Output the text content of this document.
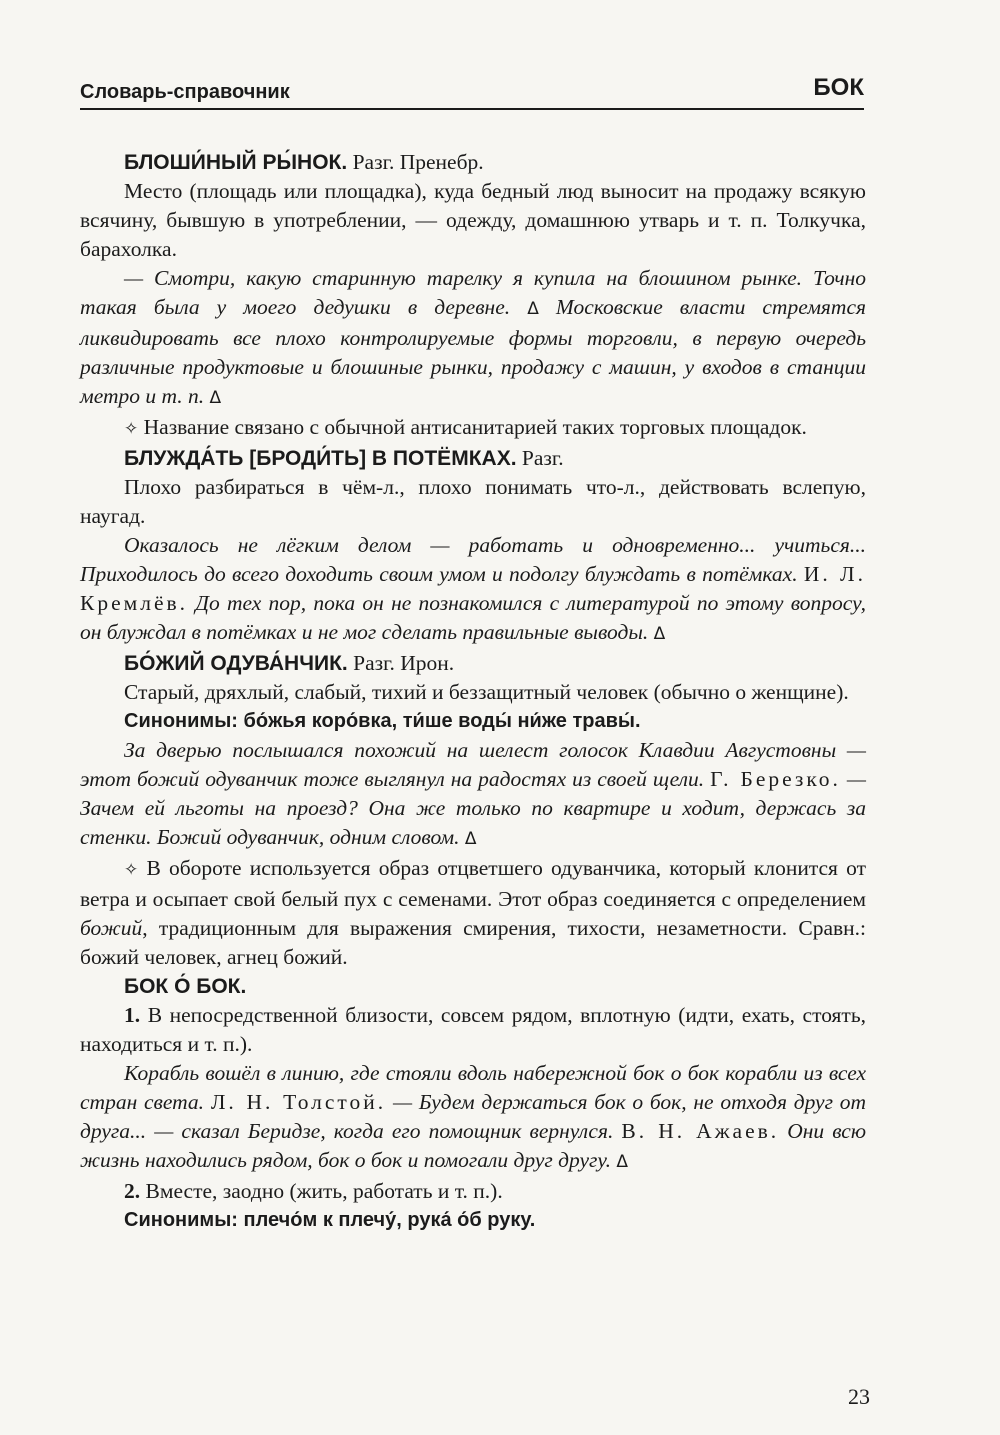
Словарь-справочник	БОК

БЛОШИ́НЫЙ РЫ́НОК. Разг. Пренебр.

Место (площадь или площадка), куда бедный люд выносит на продажу всякую всячину, бывшую в употреблении, — одежду, домашнюю утварь и т. п. Толкучка, барахолка.

— Смотри, какую старинную тарелку я купила на блошином рынке. Точно такая была у моего дедушки в деревне. Δ Московские власти стремятся ликвидировать все плохо контролируемые формы торговли, в первую очередь различные продуктовые и блошиные рынки, продажу с машин, у входов в станции метро и т. п. Δ

✧ Название связано с обычной антисанитарией таких торговых площадок.

БЛУЖДА́ТЬ [БРОДИ́ТЬ] В ПОТЁМКАХ. Разг.

Плохо разбираться в чём-л., плохо понимать что-л., действовать вслепую, наугад.

Оказалось не лёгким делом — работать и одновременно... учиться... Приходилось до всего доходить своим умом и подолгу блуждать в потёмках. И. Л. Кремлёв. До тех пор, пока он не познакомился с литературой по этому вопросу, он блуждал в потёмках и не мог сделать правильные выводы. Δ

БО́ЖИЙ ОДУВА́НЧИК. Разг. Ирон.

Старый, дряхлый, слабый, тихий и беззащитный человек (обычно о женщине).

Синонимы: бо́жья коро́вка, ти́ше воды́ ни́же травы́.

За дверью послышался похожий на шелест голосок Клавдии Августовны — этот божий одуванчик тоже выглянул на радостях из своей щели. Г. Березко. — Зачем ей льготы на проезд? Она же только по квартире и ходит, держась за стенки. Божий одуванчик, одним словом. Δ

✧ В обороте используется образ отцветшего одуванчика, который клонится от ветра и осыпает свой белый пух с семенами. Этот образ соединяется с определением божий, традиционным для выражения смирения, тихости, незаметности. Сравн.: божий человек, агнец божий.

БОК О́ БОК.

1. В непосредственной близости, совсем рядом, вплотную (идти, ехать, стоять, находиться и т. п.).

Корабль вошёл в линию, где стояли вдоль набережной бок о бок корабли из всех стран света. Л. Н. Толстой. — Будем держаться бок о бок, не отходя друг от друга... — сказал Беридзе, когда его помощник вернулся. В. Н. Ажаев. Они всю жизнь находились рядом, бок о бок и помогали друг другу. Δ

2. Вместе, заодно (жить, работать и т. п.).

Синонимы: плечо́м к плечу́, рука́ о́б руку.

23
